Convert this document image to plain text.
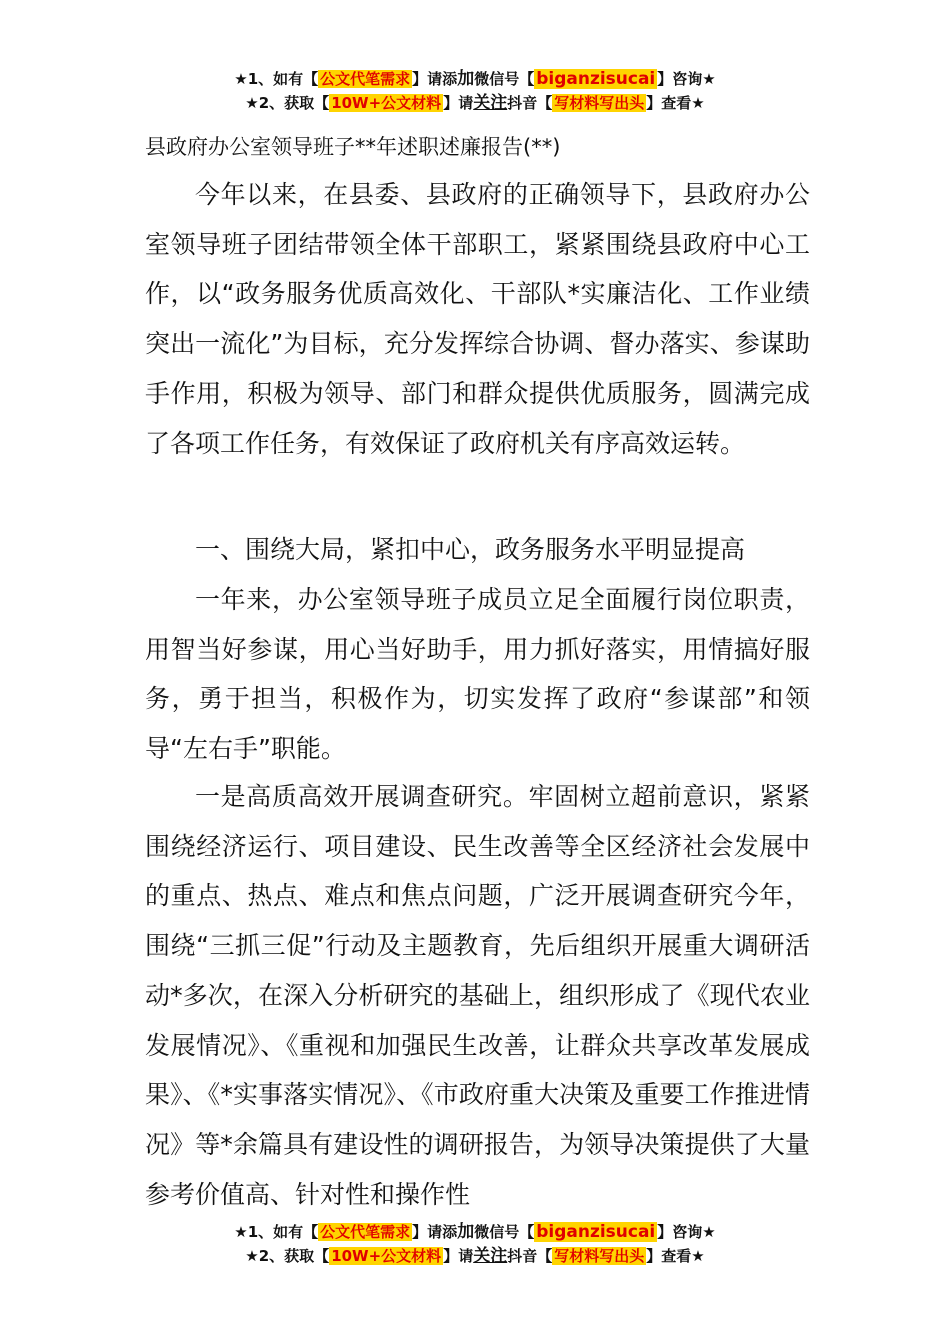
★1、如有【 公文代笔需求 】请添加微信号【 biganzisucai 】咨询★
★2、获取【 10W+公文材料 】请关注抖音【 写材料写出头 】查看★
县政府办公室领导班子**年述职述廉报告(**)

今年以来，在县委、县政府的正确领导下，县政府办公室领导班子团结带领全体干部职工，紧紧围绕县政府中心工作，以“政务服务优质高效化、干部队*实廉洁化、工作业绩突出一流化”为目标，充分发挥综合协调、督办落实、参谋助手作用，积极为领导、部门和群众提供优质服务，圆满完成了各项工作任务，有效保证了政府机关有序高效运转。

一、围绕大局，紧扣中心，政务服务水平明显提高

一年来，办公室领导班子成员立足全面履行岗位职责，用智当好参谋，用心当好助手，用力抓好落实，用情搞好服务，勇于担当，积极作为，切实发挥了政府“参谋部”和领导“左右手”职能。

一是高质高效开展调查研究。牢固树立超前意识，紧紧围绕经济运行、项目建设、民生改善等全区经济社会发展中的重点、热点、难点和焦点问题，广泛开展调查研究今年，围绕“三抓三促”行动及主题教育，先后组织开展重大调研活动*多次，在深入分析研究的基础上，组织形成了《现代农业发展情况》、《重视和加强民生改善，让群众共享改革发展成果》、《*实事落实情况》、《市政府重大决策及重要工作推进情况》等*余篇具有建设性的调研报告，为领导决策提供了大量参考价值高、针对性和操作性

★1、如有【 公文代笔需求 】请添加微信号【 biganzisucai 】咨询★
★2、获取【 10W+公文材料 】请关注抖音【 写材料写出头 】查看★
